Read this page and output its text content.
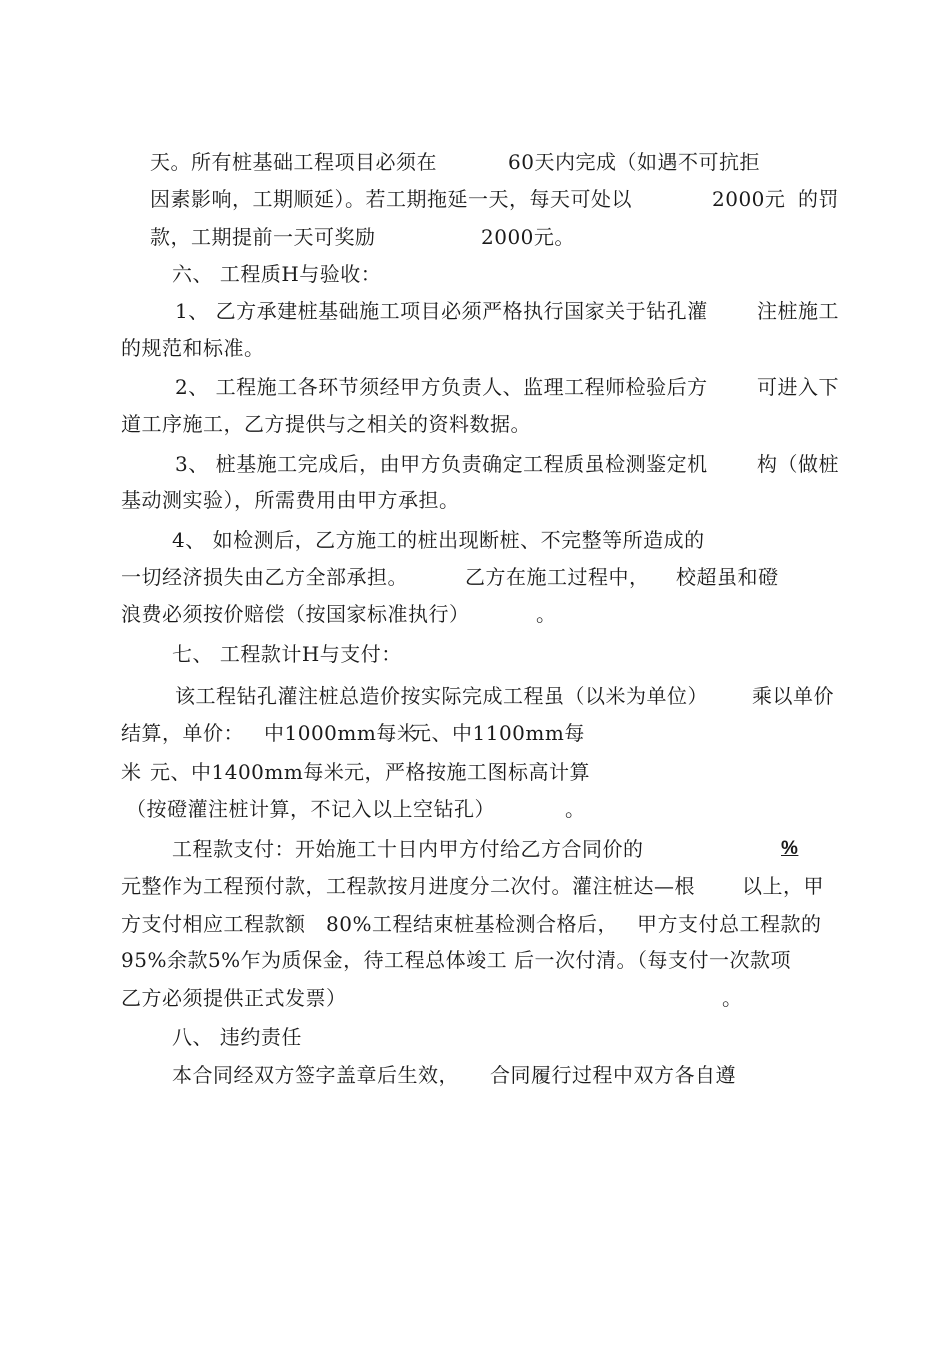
天。所有桩基础工程项目必须在	60天内完成（如遇不可抗拒
因素影响，工期顺延）。若工期拖延一天，每天可处以	2000元 的罚
款，工期提前一天可奖励	2000元。
六、 工程质H与验收：
1、 乙方承建桩基础施工项目必须严格执行国家关于钻孔灌 注桩施工
的规范和标准。
2、 工程施工各环节须经甲方负责人、监理工程师检验后方 可进入下
道工序施工，乙方提供与之相关的资料数据。
3、 桩基施工完成后，由甲方负责确定工程质虽检测鉴定机 构（做桩
基动测实验），所需费用由甲方承担。
4、 如检测后，乙方施工的桩出现断桩、不完整等所造成的
一切经济损失由乙方全部承担。	乙方在施工过程中， 校超虽和磴
浪费必须按价赔偿（按国家标准执行）	。
七、 工程款计H与支付：
该工程钻孔灌注桩总造价按实际完成工程虽（以米为单位） 乘以单价
结算，单价： 中1000mm每米
元、中1100mm每
米 元、中1400mm每米 元，严格按施工图标高计算
（按磴灌注桩计算，不记入以上空钻孔）	。
工程款支付：开始施工十日内甲方付给乙方合同价的	%
元整作为工程预付款，工程款按月进度分二次付。灌注桩达—根 以上，甲
方支付相应工程款额 80%工程结束桩基检测合格后， 甲方支付总工程款的
95%余款5%乍为质保金，待工程总体竣工 后一次付清。（每支付一次款项
乙方必须提供正式发票）	。
八、 违约责任
本合同经双方签字盖章后生效， 合同履行过程中双方各自遵
